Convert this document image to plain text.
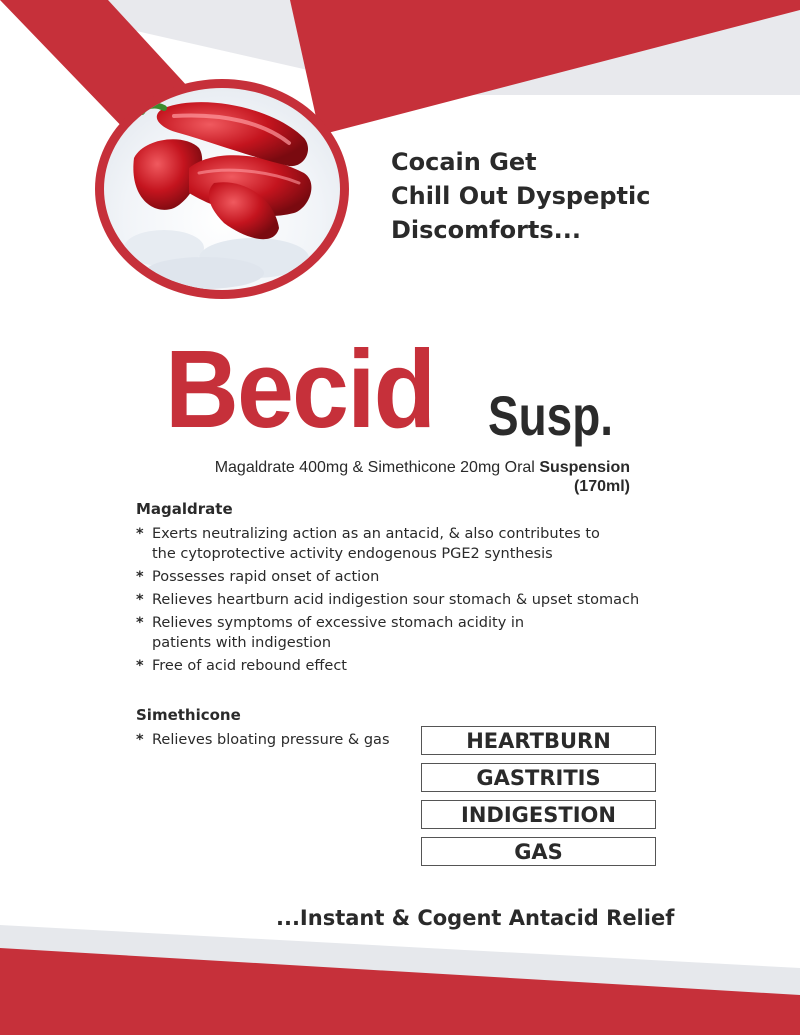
Cocain Get
Chill Out Dyspeptic
Discomforts...
Becid Susp.
Magaldrate 400mg & Simethicone 20mg Oral Suspension
(170ml)
Magaldrate
* Exerts neutralizing action as an antacid, & also contributes to
the cytoprotective activity endogenous PGE2 synthesis
* Possesses rapid onset of action
* Relieves heartburn acid indigestion sour stomach & upset stomach
* Relieves symptoms of excessive stomach acidity in
patients with indigestion
* Free of acid rebound effect
Simethicone
* Relieves bloating pressure & gas	HEARTBURN
GASTRITIS
INDIGESTION
GAS
...Instant & Cogent Antacid Relief
